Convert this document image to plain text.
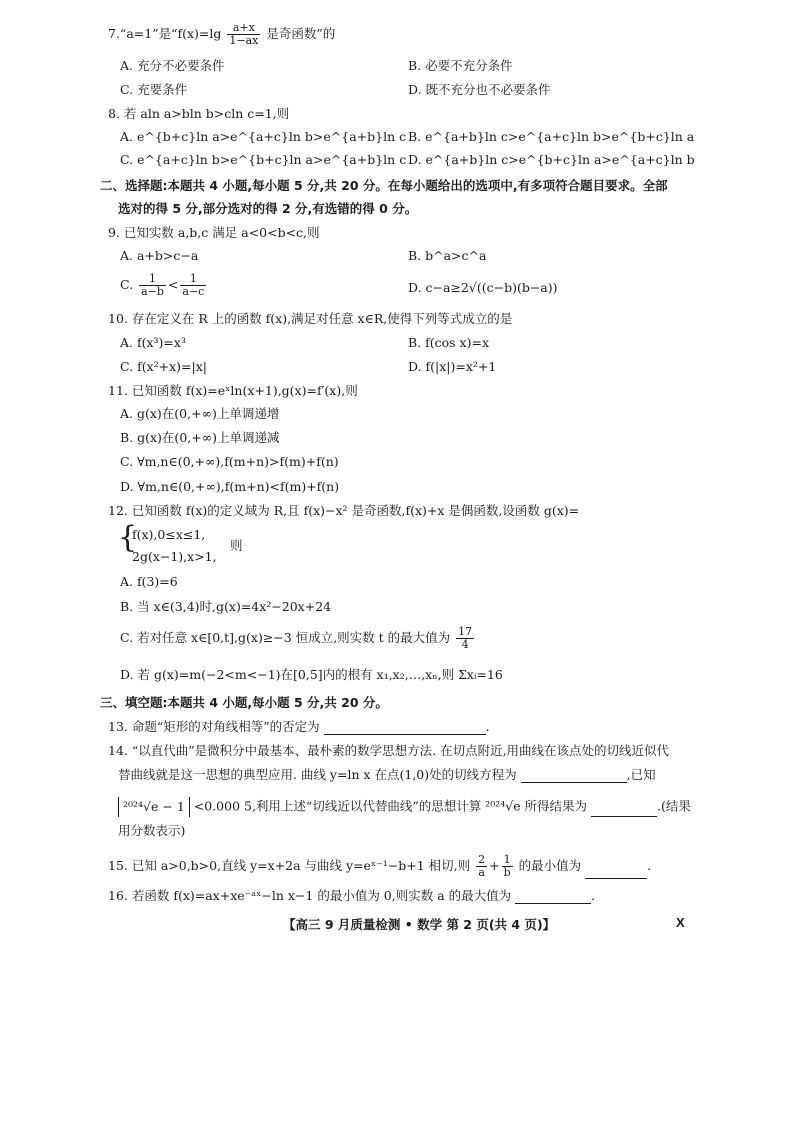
7.“a=1”是“$f(x)=\lg \frac{a+x}{1-ax}$ 是奇函数”的
A. 充分不必要条件	B. 必要不充分条件
C. 充要条件	D. 既不充分也不必要条件
8. 若 aln a>bln b>cln c=1,则
A. e^{b+c}ln a>e^{a+c}ln b>e^{a+b}ln c B. e^{a+b}ln c>e^{a+c}ln b>e^{b+c}ln a
C. e^{a+c}ln b>e^{b+c}ln a>e^{a+b}ln c D. e^{a+b}ln c>e^{b+c}ln a>e^{a+c}ln b
二、选择题:本题共 4 小题,每小题 5 分,共 20 分。在每小题给出的选项中,有多项符合题目要求。全部
选对的得 5 分,部分选对的得 2 分,有选错的得 0 分。
9. 已知实数 a,b,c 满足 a<0<b<c,则
A. a+b>c−a	B. b^a>c^a
C. $\frac{1}{a-b} < \frac{1}{a-c}$	D. c−a≥2√((c−b)(b−a))
10. 存在定义在 R 上的函数 f(x),满足对任意 x∈R,使得下列等式成立的是
A. f(x³)=x³	B. f(cos x)=x
C. f(x²+x)=|x|	D. f(|x|)=x²+1
11. 已知函数 f(x)=eˣln(x+1),g(x)=f′(x),则
A. g(x)在(0,+∞)上单调递增
B. g(x)在(0,+∞)上单调递减
C. ∀m,n∈(0,+∞),f(m+n)>f(m)+f(n)
D. ∀m,n∈(0,+∞),f(m+n)<f(m)+f(n)
12. 已知函数 f(x)的定义域为 R,且 f(x)−x² 是奇函数,f(x)+x 是偶函数,设函数 g(x)=
{
f(x),0≤x≤1,
2g(x−1),x>1,
则
A. f(3)=6
B. 当 x∈(3,4)时,g(x)=4x²−20x+24
C. 若对任意 x∈[0,t],g(x)≥−3 恒成立,则实数 t 的最大值为 $\frac{17}{4}$
D. 若 g(x)=m(−2<m<−1)在[0,5]内的根有 x₁,x₂,…,xₙ,则 Σxᵢ=16
三、填空题:本题共 4 小题,每小题 5 分,共 20 分。
13. 命题“矩形的对角线相等”的否定为	.
14. “以直代曲”是微积分中最基本、最朴素的数学思想方法. 在切点附近,用曲线在该点处的切线近似代
替曲线就是这一思想的典型应用. 曲线 y=ln x 在点(1,0)处的切线方程为	,已知
²⁰²⁴√e − 1 <0.000 5,利用上述“切线近以代替曲线”的思想计算 ²⁰²⁴√e 所得结果为	.(结果
用分数表示)
15. 已知 a>0,b>0,直线 y=x+2a 与曲线 y=eˣ⁻¹−b+1 相切,则 $\frac{2}{a} + \frac{1}{b}$ 的最小值为	.
16. 若函数 f(x)=ax+xe⁻ᵃˣ−ln x−1 的最小值为 0,则实数 a 的最大值为	.
【高三 9 月质量检测 • 数学 第 2 页(共 4 页)】	X
